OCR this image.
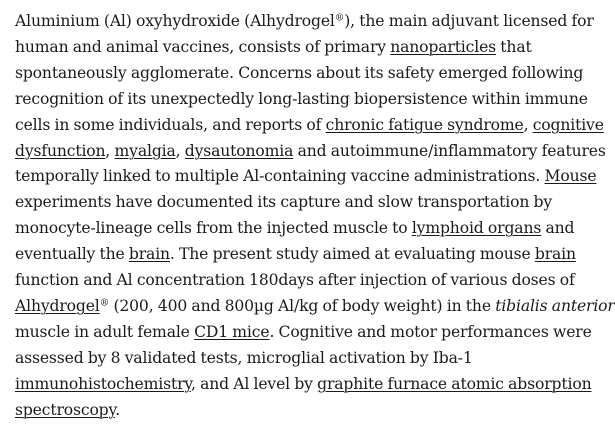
Aluminium (Al) oxyhydroxide (Alhydrogel®), the main adjuvant licensed for
human and animal vaccines, consists of primary nanoparticles that
spontaneously agglomerate. Concerns about its safety emerged following
recognition of its unexpectedly long-lasting biopersistence within immune
cells in some individuals, and reports of chronic fatigue syndrome, cognitive
dysfunction, myalgia, dysautonomia and autoimmune/inflammatory features
temporally linked to multiple Al-containing vaccine administrations. Mouse
experiments have documented its capture and slow transportation by
monocyte-lineage cells from the injected muscle to lymphoid organs and
eventually the brain. The present study aimed at evaluating mouse brain
function and Al concentration 180days after injection of various doses of
Alhydrogel® (200, 400 and 800µg Al/kg of body weight) in the tibialis anterior
muscle in adult female CD1 mice. Cognitive and motor performances were
assessed by 8 validated tests, microglial activation by Iba-1
immunohistochemistry, and Al level by graphite furnace atomic absorption
spectroscopy.
